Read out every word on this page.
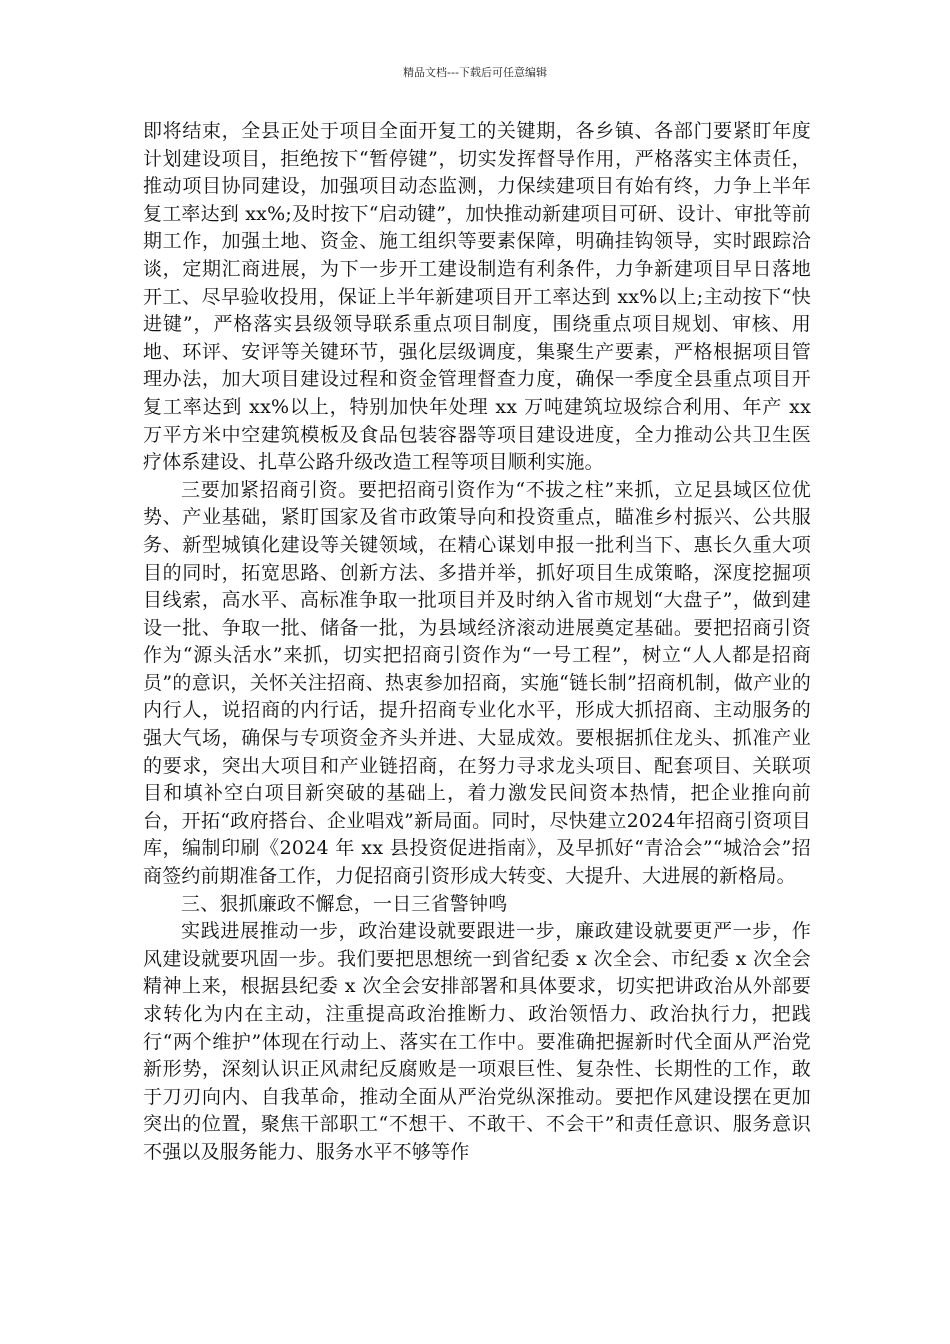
精品文档---下载后可任意编辑

即将结束，全县正处于项目全面开复工的关键期，各乡镇、各部门要紧盯年度计划建设项目，拒绝按下“暂停键”，切实发挥督导作用，严格落实主体责任，推动项目协同建设，加强项目动态监测，力保续建项目有始有终，力争上半年复工率达到 xx%;及时按下“启动键”，加快推动新建项目可研、设计、审批等前期工作，加强土地、资金、施工组织等要素保障，明确挂钩领导，实时跟踪洽谈，定期汇商进展，为下一步开工建设制造有利条件，力争新建项目早日落地开工、尽早验收投用，保证上半年新建项目开工率达到 xx%以上;主动按下“快进键”，严格落实县级领导联系重点项目制度，围绕重点项目规划、审核、用地、环评、安评等关键环节，强化层级调度，集聚生产要素，严格根据项目管理办法，加大项目建设过程和资金管理督查力度，确保一季度全县重点项目开复工率达到 xx%以上，特别加快年处理 xx 万吨建筑垃圾综合利用、年产 xx 万平方米中空建筑模板及食品包装容器等项目建设进度，全力推动公共卫生医疗体系建设、扎草公路升级改造工程等项目顺利实施。

三要加紧招商引资。要把招商引资作为“不拔之柱”来抓，立足县域区位优势、产业基础，紧盯国家及省市政策导向和投资重点，瞄准乡村振兴、公共服务、新型城镇化建设等关键领域，在精心谋划申报一批利当下、惠长久重大项目的同时，拓宽思路、创新方法、多措并举，抓好项目生成策略，深度挖掘项目线索，高水平、高标准争取一批项目并及时纳入省市规划“大盘子”，做到建设一批、争取一批、储备一批，为县域经济滚动进展奠定基础。要把招商引资作为“源头活水”来抓，切实把招商引资作为“一号工程”，树立“人人都是招商员”的意识，关怀关注招商、热衷参加招商，实施“链长制”招商机制，做产业的内行人，说招商的内行话，提升招商专业化水平，形成大抓招商、主动服务的强大气场，确保与专项资金齐头并进、大显成效。要根据抓住龙头、抓准产业的要求，突出大项目和产业链招商，在努力寻求龙头项目、配套项目、关联项目和填补空白项目新突破的基础上，着力激发民间资本热情，把企业推向前台，开拓“政府搭台、企业唱戏”新局面。同时，尽快建立2024年招商引资项目库，编制印刷《2024 年 xx 县投资促进指南》，及早抓好“青洽会”“城洽会”招商签约前期准备工作，力促招商引资形成大转变、大提升、大进展的新格局。

三、狠抓廉政不懈怠，一日三省警钟鸣

实践进展推动一步，政治建设就要跟进一步，廉政建设就要更严一步，作风建设就要巩固一步。我们要把思想统一到省纪委 x 次全会、市纪委 x 次全会精神上来，根据县纪委 x 次全会安排部署和具体要求，切实把讲政治从外部要求转化为内在主动，注重提高政治推断力、政治领悟力、政治执行力，把践行“两个维护”体现在行动上、落实在工作中。要准确把握新时代全面从严治党新形势，深刻认识正风肃纪反腐败是一项艰巨性、复杂性、长期性的工作，敢于刀刃向内、自我革命，推动全面从严治党纵深推动。要把作风建设摆在更加突出的位置，聚焦干部职工“不想干、不敢干、不会干”和责任意识、服务意识不强以及服务能力、服务水平不够等作
